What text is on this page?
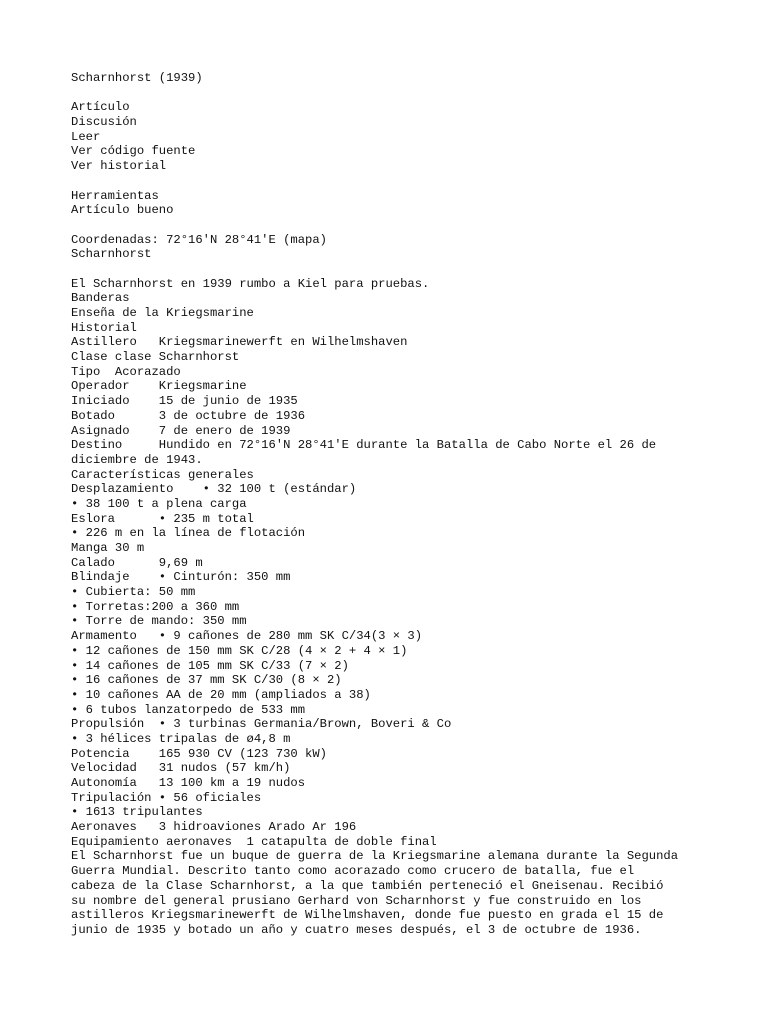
Scharnhorst (1939)
Artículo
Discusión
Leer
Ver código fuente
Ver historial
Herramientas
Artículo bueno
Coordenadas: 72°16′N 28°41′E (mapa)
Scharnhorst
El Scharnhorst en 1939 rumbo a Kiel para pruebas.
Banderas
Enseña de la Kriegsmarine
Historial
Astillero   Kriegsmarinewerft en Wilhelmshaven
Clase clase Scharnhorst
Tipo  Acorazado
Operador    Kriegsmarine
Iniciado    15 de junio de 1935
Botado      3 de octubre de 1936
Asignado    7 de enero de 1939
Destino     Hundido en 72°16′N 28°41′E durante la Batalla de Cabo Norte el 26 de
diciembre de 1943.
Características generales
Desplazamiento    • 32 100 t (estándar)
• 38 100 t a plena carga
Eslora      • 235 m total
• 226 m en la línea de flotación
Manga 30 m
Calado      9,69 m
Blindaje    • Cinturón: 350 mm
• Cubierta: 50 mm
• Torretas:200 a 360 mm
• Torre de mando: 350 mm
Armamento   • 9 cañones de 280 mm SK C/34(3 × 3)
• 12 cañones de 150 mm SK C/28 (4 × 2 + 4 × 1)
• 14 cañones de 105 mm SK C/33 (7 × 2)
• 16 cañones de 37 mm SK C/30 (8 × 2)
• 10 cañones AA de 20 mm (ampliados a 38)
• 6 tubos lanzatorpedo de 533 mm
Propulsión  • 3 turbinas Germania/Brown, Boveri & Co
• 3 hélices tripalas de ø4,8 m
Potencia    165 930 CV (123 730 kW)
Velocidad   31 nudos (57 km/h)
Autonomía   13 100 km a 19 nudos
Tripulación • 56 oficiales
• 1613 tripulantes
Aeronaves   3 hidroaviones Arado Ar 196
Equipamiento aeronaves  1 catapulta de doble final
El Scharnhorst fue un buque de guerra de la Kriegsmarine alemana durante la Segunda
Guerra Mundial. Descrito tanto como acorazado como crucero de batalla, fue el
cabeza de la Clase Scharnhorst, a la que también perteneció el Gneisenau. Recibió
su nombre del general prusiano Gerhard von Scharnhorst y fue construido en los
astilleros Kriegsmarinewerft de Wilhelmshaven, donde fue puesto en grada el 15 de
junio de 1935 y botado un año y cuatro meses después, el 3 de octubre de 1936.
